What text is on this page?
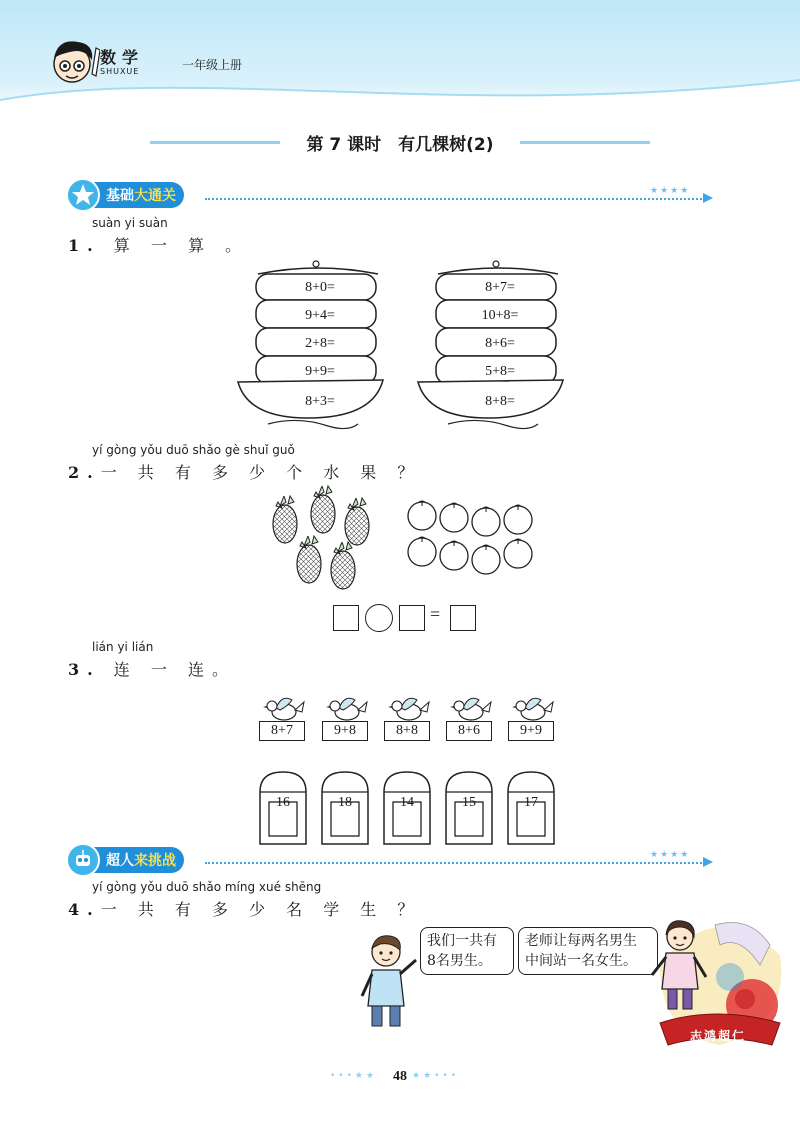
数学
SHUXUE	一年级上册
第 7 课时　有几棵树(2)
基础大通关	★★★★
suàn yi suàn
1. 算 一 算 。
8+0=
9+4=
2+8=
9+9=
8+3=
8+7=
10+8=
8+6=
5+8=
8+8=
yí gòng yǒu duō shǎo gè shuǐ guǒ
2.一 共 有 多 少 个 水 果 ？
=
lián yi lián
3. 连 一 连。
8+7	9+8	8+8	8+6	9+9
16	18	14	15	17
超人来挑战	★★★★
yí gòng yǒu duō shǎo míng xué shēng
4.一 共 有 多 少 名 学 生 ？
我们一共有
8名男生。
老师让每两名男生
中间站一名女生。
志鸿超仁
•••★★	★★•••
48
